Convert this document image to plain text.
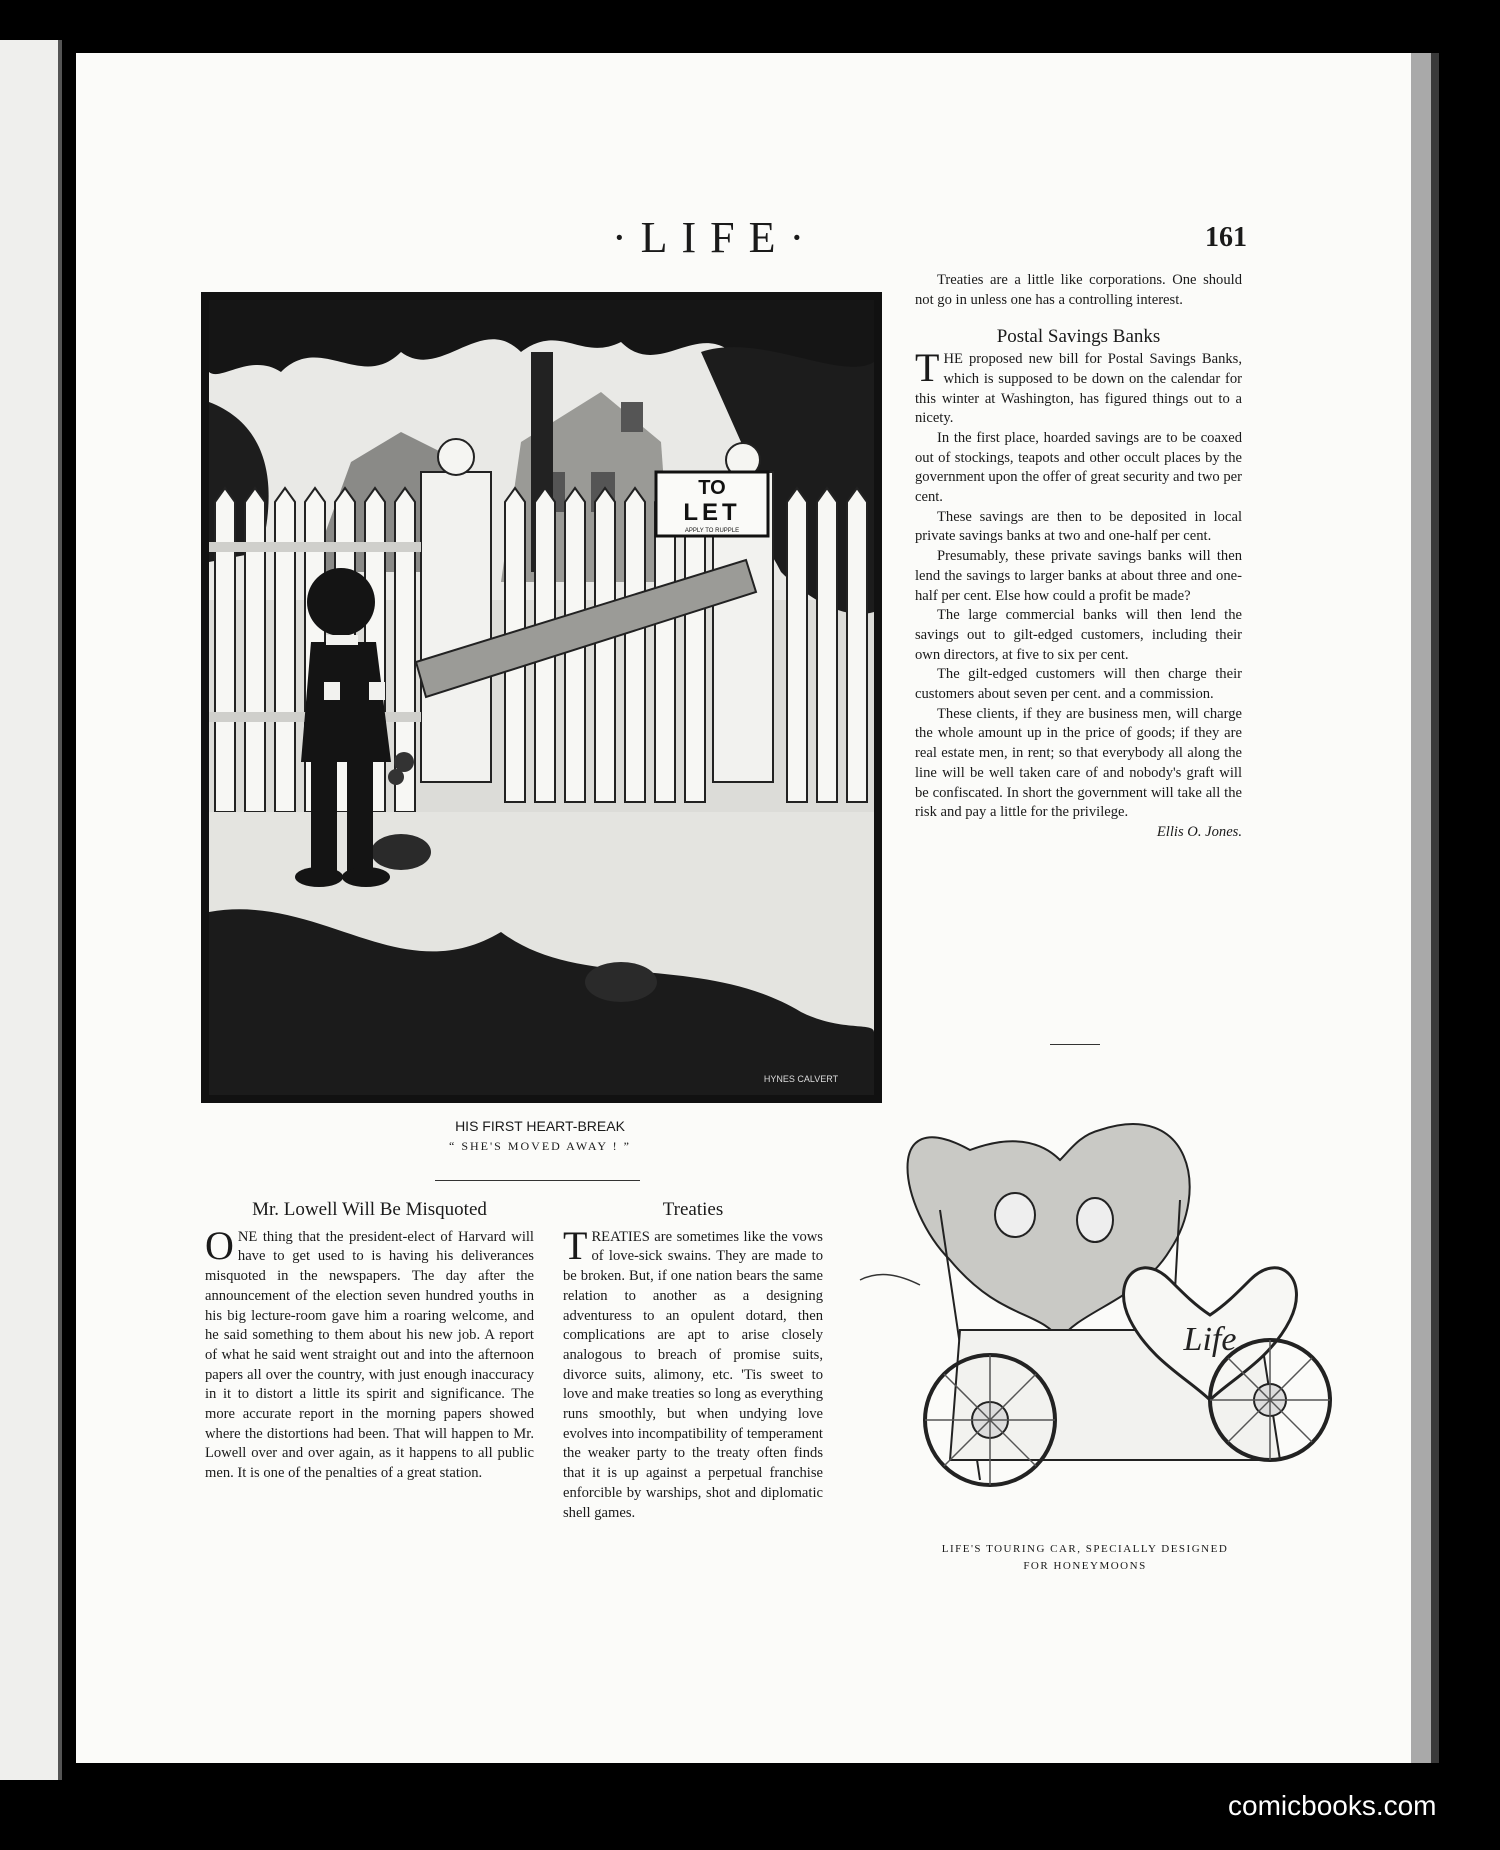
·LIFE·	161
TO
LET
APPLY TO RUPPLE
HYNES CALVERT
HIS FIRST HEART-BREAK
“ SHE'S MOVED AWAY ! ”

Treaties are a little like corporations. One should not go in unless one has a controlling interest.

Postal Savings Banks

THE proposed new bill for Postal Savings Banks, which is supposed to be down on the calendar for this winter at Washington, has figured things out to a nicety.

In the first place, hoarded savings are to be coaxed out of stockings, teapots and other occult places by the government upon the offer of great security and two per cent.

These savings are then to be deposited in local private savings banks at two and one-half per cent.

Presumably, these private savings banks will then lend the savings to larger banks at about three and one-half per cent. Else how could a profit be made?

The large commercial banks will then lend the savings out to gilt-edged customers, including their own directors, at five to six per cent.

The gilt-edged customers will then charge their customers about seven per cent. and a commission.

These clients, if they are business men, will charge the whole amount up in the price of goods; if they are real estate men, in rent; so that everybody all along the line will be well taken care of and nobody's graft will be confiscated. In short the government will take all the risk and pay a little for the privilege.

Ellis O. Jones.
Mr. Lowell Will Be Misquoted

ONE thing that the president-elect of Harvard will have to get used to is having his deliverances misquoted in the newspapers. The day after the announcement of the election seven hundred youths in his big lecture-room gave him a roaring welcome, and he said something to them about his new job. A report of what he said went straight out and into the afternoon papers all over the country, with just enough inaccuracy in it to distort a little its spirit and significance. The more accurate report in the morning papers showed where the distortions had been. That will happen to Mr. Lowell over and over again, as it happens to all public men. It is one of the penalties of a great station.

Treaties

TREATIES are sometimes like the vows of love-sick swains. They are made to be broken. But, if one nation bears the same relation to another as a designing adventuress to an opulent dotard, then complications are apt to arise closely analogous to breach of promise suits, divorce suits, alimony, etc. 'Tis sweet to love and make treaties so long as everything runs smoothly, but when undying love evolves into incompatibility of temperament the weaker party to the treaty often finds that it is up against a perpetual franchise enforcible by warships, shot and diplomatic shell games.

Life
LIFE'S TOURING CAR, SPECIALLY DESIGNED
FOR HONEYMOONS
comicbooks.com
